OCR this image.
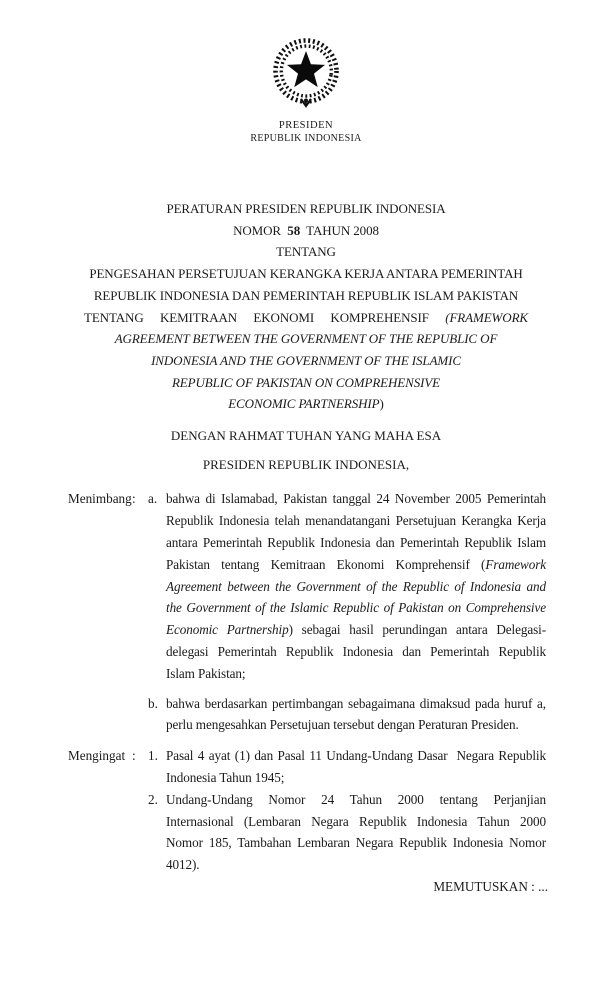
PRESIDEN
REPUBLIK INDONESIA
PERATURAN PRESIDEN REPUBLIK INDONESIA
NOMOR  58  TAHUN 2008
TENTANG
PENGESAHAN PERSETUJUAN KERANGKA KERJA ANTARA PEMERINTAH
REPUBLIK INDONESIA DAN PEMERINTAH REPUBLIK ISLAM PAKISTAN
TENTANG KEMITRAAN EKONOMI KOMPREHENSIF (FRAMEWORK
AGREEMENT BETWEEN THE GOVERNMENT OF THE REPUBLIC OF
INDONESIA AND THE GOVERNMENT OF THE ISLAMIC
REPUBLIC OF PAKISTAN ON COMPREHENSIVE
ECONOMIC PARTNERSHIP)
DENGAN RAHMAT TUHAN YANG MAHA ESA
PRESIDEN REPUBLIK INDONESIA,
Menimbang : a. bahwa di Islamabad, Pakistan tanggal 24 November 2005 Pemerintah
Republik Indonesia telah menandatangani Persetujuan Kerangka Kerja
antara Pemerintah Republik Indonesia dan Pemerintah Republik Islam
Pakistan tentang Kemitraan Ekonomi Komprehensif (Framework
Agreement between the Government of the Republic of Indonesia and
the Government of the Islamic Republic of Pakistan on Comprehensive
Economic Partnership) sebagai hasil perundingan antara Delegasi-
delegasi Pemerintah Republik Indonesia dan Pemerintah Republik
Islam Pakistan;
b. bahwa berdasarkan pertimbangan sebagaimana dimaksud pada huruf a,
perlu mengesahkan Persetujuan tersebut dengan Peraturan Presiden.
Mengingat : 1. Pasal 4 ayat (1) dan Pasal 11 Undang-Undang Dasar  Negara Republik
Indonesia Tahun 1945;
2. Undang-Undang Nomor 24 Tahun 2000 tentang Perjanjian
Internasional (Lembaran Negara Republik Indonesia Tahun 2000
Nomor 185, Tambahan Lembaran Negara Republik Indonesia Nomor
4012).
MEMUTUSKAN : ...
